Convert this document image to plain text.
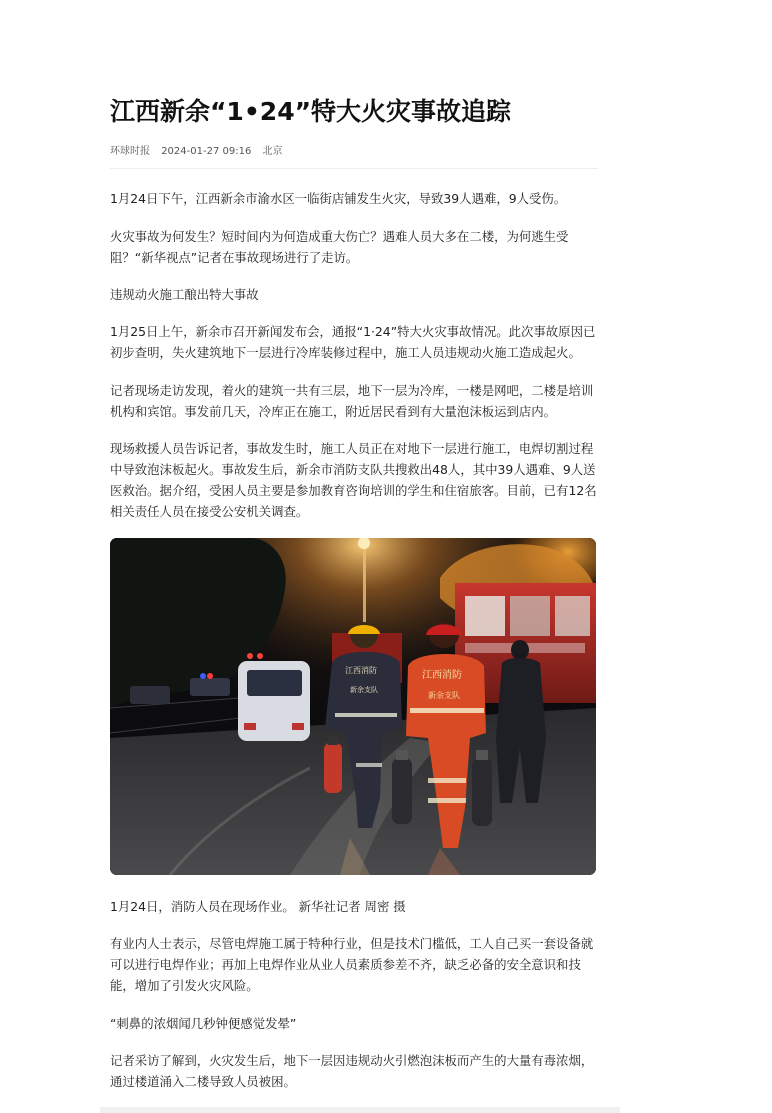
江西新余“1•24”特大火灾事故追踪
环球时报 2024-01-27 09:16 北京

1月24日下午，江西新余市渝水区一临街店铺发生火灾，导致39人遇难，9人受伤。

火灾事故为何发生？短时间内为何造成重大伤亡？遇难人员大多在二楼，为何逃生受阻？“新华视点”记者在事故现场进行了走访。

违规动火施工酿出特大事故

1月25日上午，新余市召开新闻发布会，通报“1·24”特大火灾事故情况。此次事故原因已初步查明，失火建筑地下一层进行冷库装修过程中，施工人员违规动火施工造成起火。

记者现场走访发现，着火的建筑一共有三层，地下一层为冷库，一楼是网吧，二楼是培训机构和宾馆。事发前几天，冷库正在施工，附近居民看到有大量泡沫板运到店内。

现场救援人员告诉记者，事故发生时，施工人员正在对地下一层进行施工，电焊切割过程中导致泡沫板起火。事故发生后，新余市消防支队共搜救出48人，其中39人遇难、9人送医救治。据介绍，受困人员主要是参加教育咨询培训的学生和住宿旅客。目前，已有12名相关责任人员在接受公安机关调查。

江西消防
新余支队
江西消防
新余支队

1月24日，消防人员在现场作业。 新华社记者 周密 摄

有业内人士表示，尽管电焊施工属于特种行业，但是技术门槛低，工人自己买一套设备就可以进行电焊作业；再加上电焊作业从业人员素质参差不齐，缺乏必备的安全意识和技能，增加了引发火灾风险。

“刺鼻的浓烟闻几秒钟便感觉发晕”

记者采访了解到，火灾发生后，地下一层因违规动火引燃泡沫板而产生的大量有毒浓烟，通过楼道涌入二楼导致人员被困。
